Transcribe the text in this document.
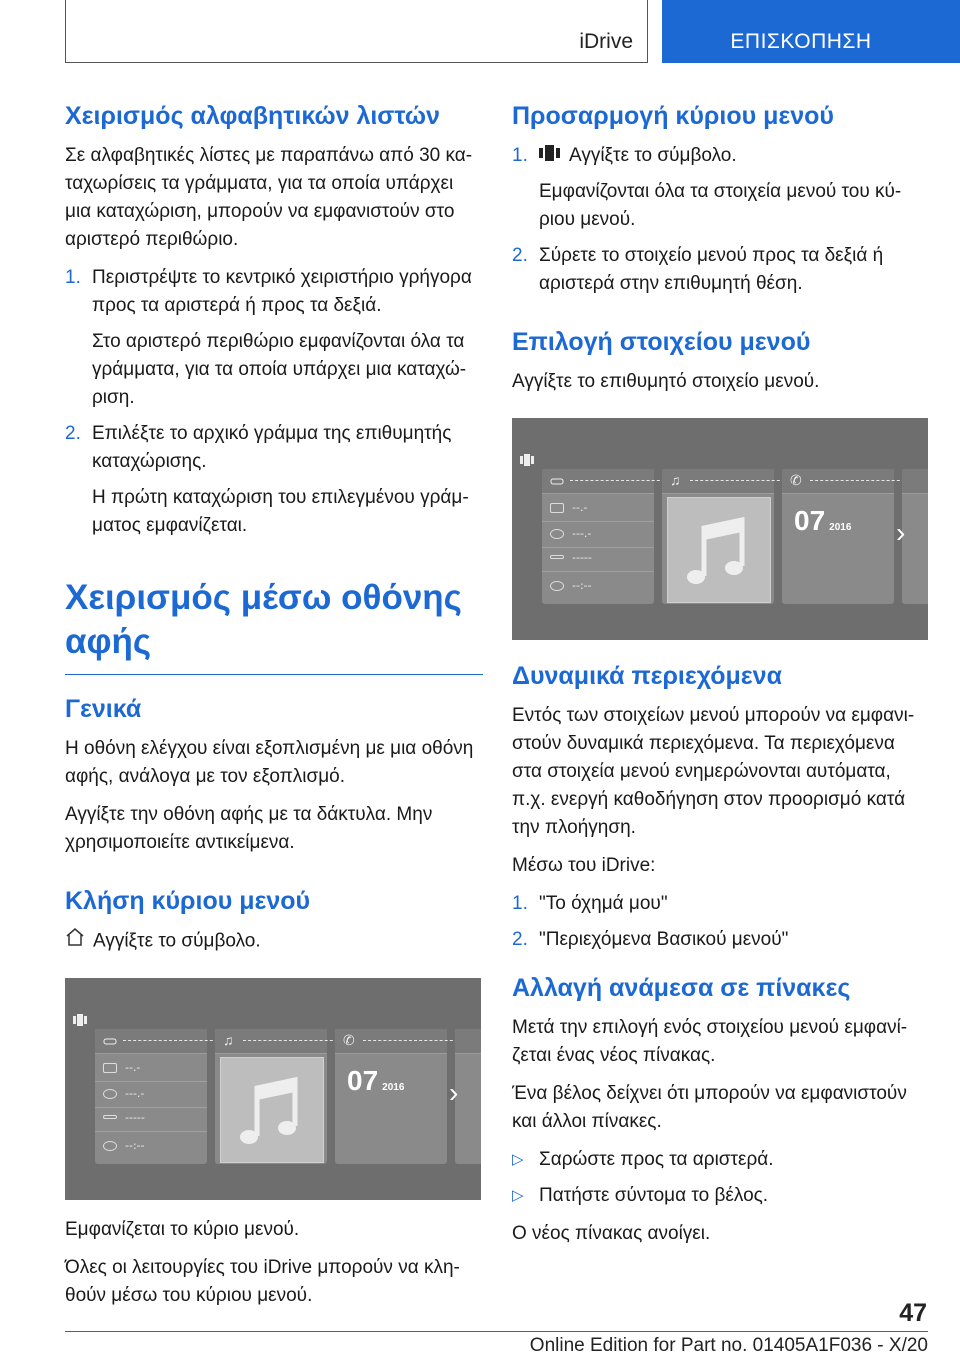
iDrive	ΕΠΙΣΚΟΠΗΣΗ
Χειρισμός αλφαβητικών λιστών

Σε αλφαβητικές λίστες με παραπάνω από 30 καταχωρίσεις τα γράμματα, για τα οποία υπάρχει μια καταχώριση, μπορούν να εμφανιστούν στο αριστερό περιθώριο.

1. Περιστρέψτε το κεντρικό χειριστήριο γρήγορα προς τα αριστερά ή προς τα δεξιά.
Στο αριστερό περιθώριο εμφανίζονται όλα τα γράμματα, για τα οποία υπάρχει μια καταχώριση.
2. Επιλέξτε το αρχικό γράμμα της επιθυμητής καταχώρισης.
Η πρώτη καταχώριση του επιλεγμένου γράμματος εμφανίζεται.
Χειρισμός μέσω οθόνης αφής
Γενικά

Η οθόνη ελέγχου είναι εξοπλισμένη με μια οθόνη αφής, ανάλογα με τον εξοπλισμό.

Αγγίξτε την οθόνη αφής με τα δάκτυλα. Μην χρησιμοποιείτε αντικείμενα.

Κλήση κύριου μενού

Αγγίξτε το σύμβολο.

--.-
---.-
-----
--:--
♫	✆
07 2016 ›

Εμφανίζεται το κύριο μενού.

Όλες οι λειτουργίες του iDrive μπορούν να κληθούν μέσω του κύριου μενού.

Προσαρμογή κύριου μενού
1. Αγγίξτε το σύμβολο.
Εμφανίζονται όλα τα στοιχεία μενού του κύριου μενού.
2. Σύρετε το στοιχείο μενού προς τα δεξιά ή αριστερά στην επιθυμητή θέση.
Επιλογή στοιχείου μενού

Αγγίξτε το επιθυμητό στοιχείο μενού.

--.-
---.-
-----
--:--
♫	✆
07 2016 ›
Δυναμικά περιεχόμενα

Εντός των στοιχείων μενού μπορούν να εμφανιστούν δυναμικά περιεχόμενα. Τα περιεχόμενα στα στοιχεία μενού ενημερώνονται αυτόματα, π.χ. ενεργή καθοδήγηση στον προορισμό κατά την πλοήγηση.

Μέσω του iDrive:

1. "Το όχημά μου"
2. "Περιεχόμενα Βασικού μενού"
Αλλαγή ανάμεσα σε πίνακες

Μετά την επιλογή ενός στοιχείου μενού εμφανίζεται ένας νέος πίνακας.

Ένα βέλος δείχνει ότι μπορούν να εμφανιστούν και άλλοι πίνακες.

▷ Σαρώστε προς τα αριστερά.
▷ Πατήστε σύντομα το βέλος.

Ο νέος πίνακας ανοίγει.

47
Online Edition for Part no. 01405A1F036 - X/20
